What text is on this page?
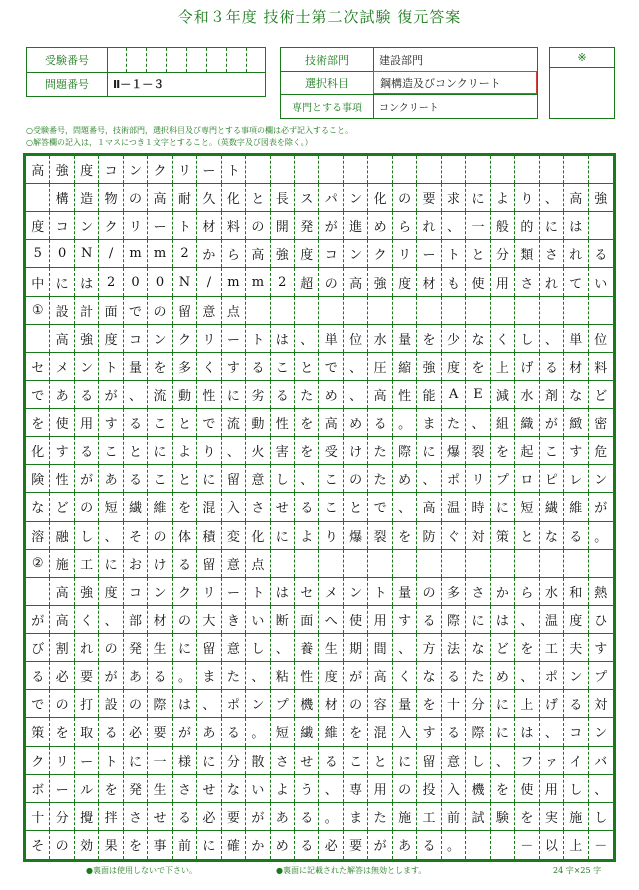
令和３年度 技術士第二次試験 復元答案
受験番号
問題番号	Ⅱ－１－３
技術部門	建設部門
選択科目	鋼構造及びコンクリート
専門とする事項	コンクリート
※
○受験番号，問題番号，技術部門，選択科目及び専門とする事項の欄は必ず記入すること。
○解答欄の記入は，１マスにつき１文字とすること。（英数字及び図表を除く。）
高 強 度 コ ン ク リ ー ト
構 造 物 の 高 耐 久 化 と 長 ス パ ン 化 の 要 求 に よ り 、 高 強
度 コ ン ク リ ー ト 材 料 の 開 発 が 進 め ら れ 、 一 般 的 に は
5	0	N	/	m m	2	か ら 高 強 度 コ ン ク リ ー ト と 分 類 さ れ る
中 に は	2	0	0	N	/	m m	2	超 の 高 強 度 材 も 使 用 さ れ て い
① 設 計 面 で の 留 意 点
高 強 度 コ ン ク リ ー ト は 、 単 位 水 量 を 少 な く し 、 単 位
セ メ ン ト 量 を 多 く す る こ と で 、 圧 縮 強 度 を 上 げ る 材 料
で あ る が 、 流 動 性 に 劣 る た め 、 高 性 能	A	E	減 水 剤 な ど
を 使 用 す る こ と で 流 動 性 を 高 め る 。 ま た 、 組 織 が 緻 密
化 す る こ と に よ り 、 火 害 を 受 け た 際 に 爆 裂 を 起 こ す 危
険 性 が あ る こ と に 留 意 し 、 こ の た め 、 ポ リ プ ロ ピ レ ン
な ど の 短 繊 維 を 混 入 さ せ る こ と で 、 高 温 時 に 短 繊 維 が
溶 融 し 、 そ の 体 積 変 化 に よ り 爆 裂 を 防 ぐ 対 策 と な る 。
② 施 工 に お け る 留 意 点
高 強 度 コ ン ク リ ー ト は セ メ ン ト 量 の 多 さ か ら 水 和 熱
が 高 く 、 部 材 の 大 き い 断 面 へ 使 用 す る 際 に は 、 温 度 ひ
び 割 れ の 発 生 に 留 意 し 、 養 生 期 間 、 方 法 な ど を 工 夫 す
る 必 要 が あ る 。 ま た 、 粘 性 度 が 高 く な る た め 、 ポ ン プ
で の 打 設 の 際 は 、 ポ ン プ 機 材 の 容 量 を 十 分 に 上 げ る 対
策 を 取 る 必 要 が あ る 。 短 繊 維 を 混 入 す る 際 に は 、 コ ン
ク リ ー ト に 一 様 に 分 散 さ せ る こ と に 留 意 し 、 フ ァ イ バ
ボ ー ル を 発 生 さ せ な い よ う 、 専 用 の 投 入 機 を 使 用 し 、
十 分 攪 拌 さ せ る 必 要 が あ る 。 ま た 施 工 前 試 験 を 実 施 し
そ の 効 果 を 事 前 に 確 か め る 必 要 が あ る 。	－ 以 上 －
●裏面は使用しないで下さい。	●裏面に記載された解答は無効とします。	24 字×25 字
